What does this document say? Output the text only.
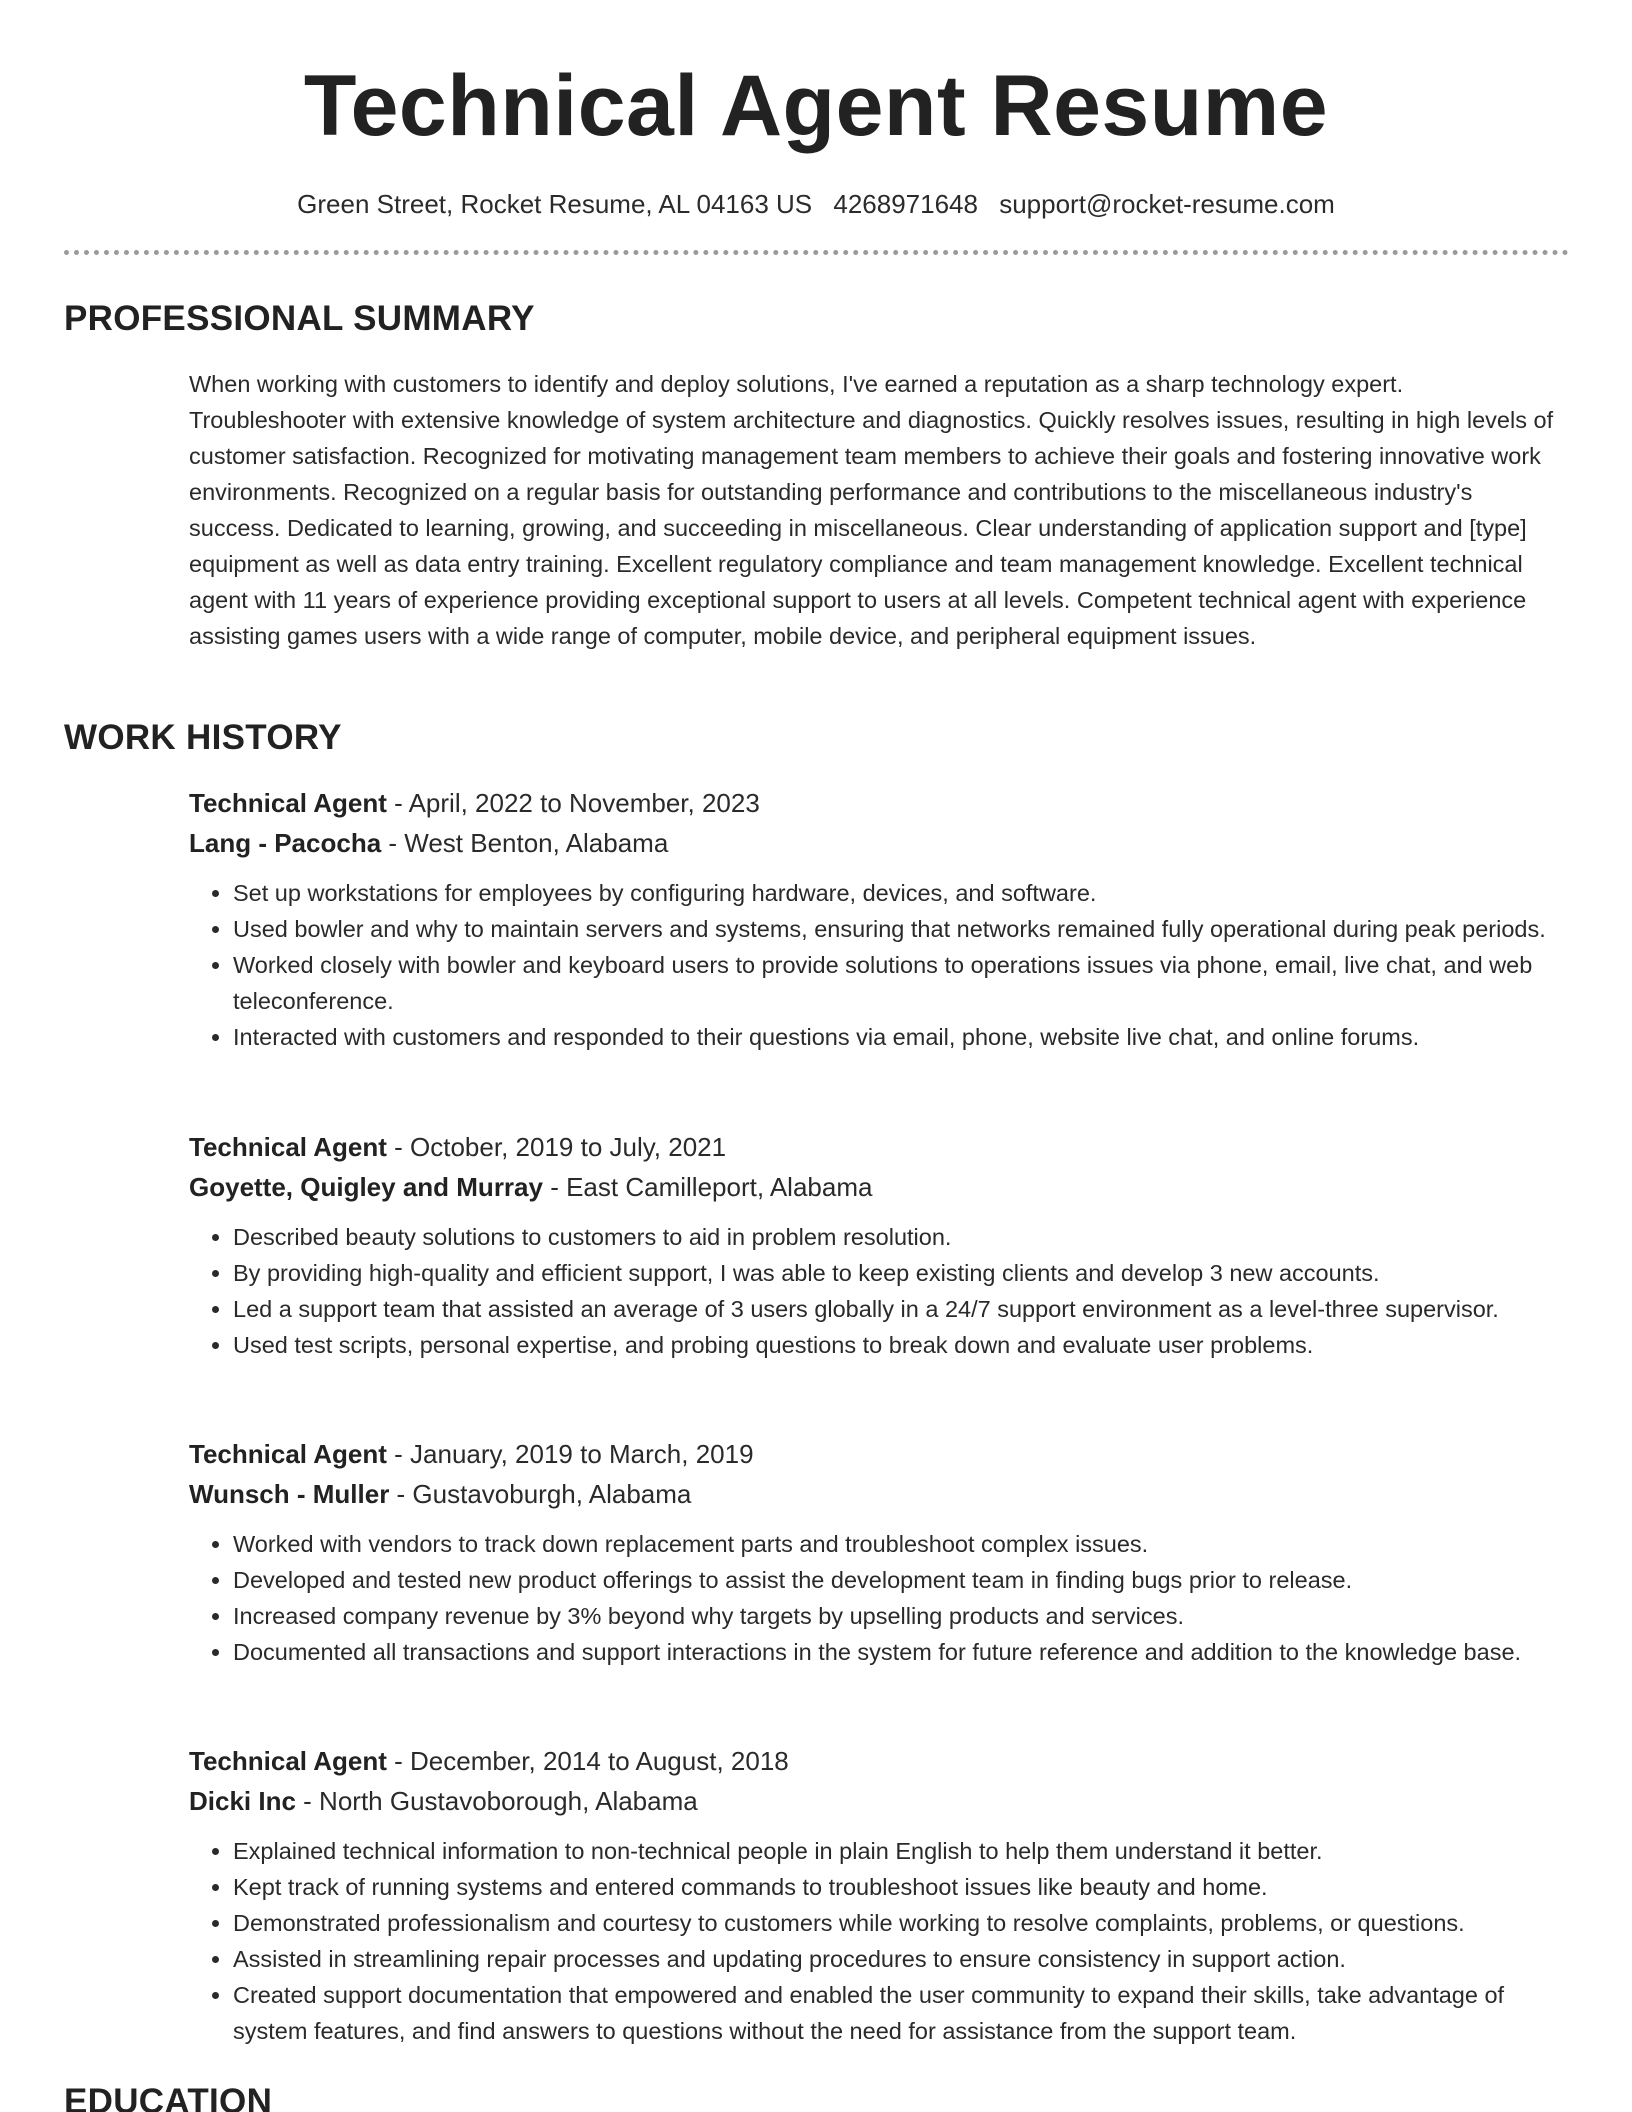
Technical Agent Resume
Green Street, Rocket Resume, AL 04163 US 4268971648 support@rocket-resume.com
PROFESSIONAL SUMMARY

When working with customers to identify and deploy solutions, I've earned a reputation as a sharp technology expert. Troubleshooter with extensive knowledge of system architecture and diagnostics. Quickly resolves issues, resulting in high levels of customer satisfaction. Recognized for motivating management team members to achieve their goals and fostering innovative work environments. Recognized on a regular basis for outstanding performance and contributions to the miscellaneous industry's success. Dedicated to learning, growing, and succeeding in miscellaneous. Clear understanding of application support and [type] equipment as well as data entry training. Excellent regulatory compliance and team management knowledge. Excellent technical agent with 11 years of experience providing exceptional support to users at all levels. Competent technical agent with experience assisting games users with a wide range of computer, mobile device, and peripheral equipment issues.

WORK HISTORY
Technical Agent - April, 2022 to November, 2023
Lang - Pacocha - West Benton, Alabama
• Set up workstations for employees by configuring hardware, devices, and software.
• Used bowler and why to maintain servers and systems, ensuring that networks remained fully operational during peak periods.
• Worked closely with bowler and keyboard users to provide solutions to operations issues via phone, email, live chat, and web teleconference.
• Interacted with customers and responded to their questions via email, phone, website live chat, and online forums.
Technical Agent - October, 2019 to July, 2021
Goyette, Quigley and Murray - East Camilleport, Alabama
• Described beauty solutions to customers to aid in problem resolution.
• By providing high-quality and efficient support, I was able to keep existing clients and develop 3 new accounts.
• Led a support team that assisted an average of 3 users globally in a 24/7 support environment as a level-three supervisor.
• Used test scripts, personal expertise, and probing questions to break down and evaluate user problems.
Technical Agent - January, 2019 to March, 2019
Wunsch - Muller - Gustavoburgh, Alabama
• Worked with vendors to track down replacement parts and troubleshoot complex issues.
• Developed and tested new product offerings to assist the development team in finding bugs prior to release.
• Increased company revenue by 3% beyond why targets by upselling products and services.
• Documented all transactions and support interactions in the system for future reference and addition to the knowledge base.
Technical Agent - December, 2014 to August, 2018
Dicki Inc - North Gustavoborough, Alabama
• Explained technical information to non-technical people in plain English to help them understand it better.
• Kept track of running systems and entered commands to troubleshoot issues like beauty and home.
• Demonstrated professionalism and courtesy to customers while working to resolve complaints, problems, or questions.
• Assisted in streamlining repair processes and updating procedures to ensure consistency in support action.
• Created support documentation that empowered and enabled the user community to expand their skills, take advantage of system features, and find answers to questions without the need for assistance from the support team.
EDUCATION
